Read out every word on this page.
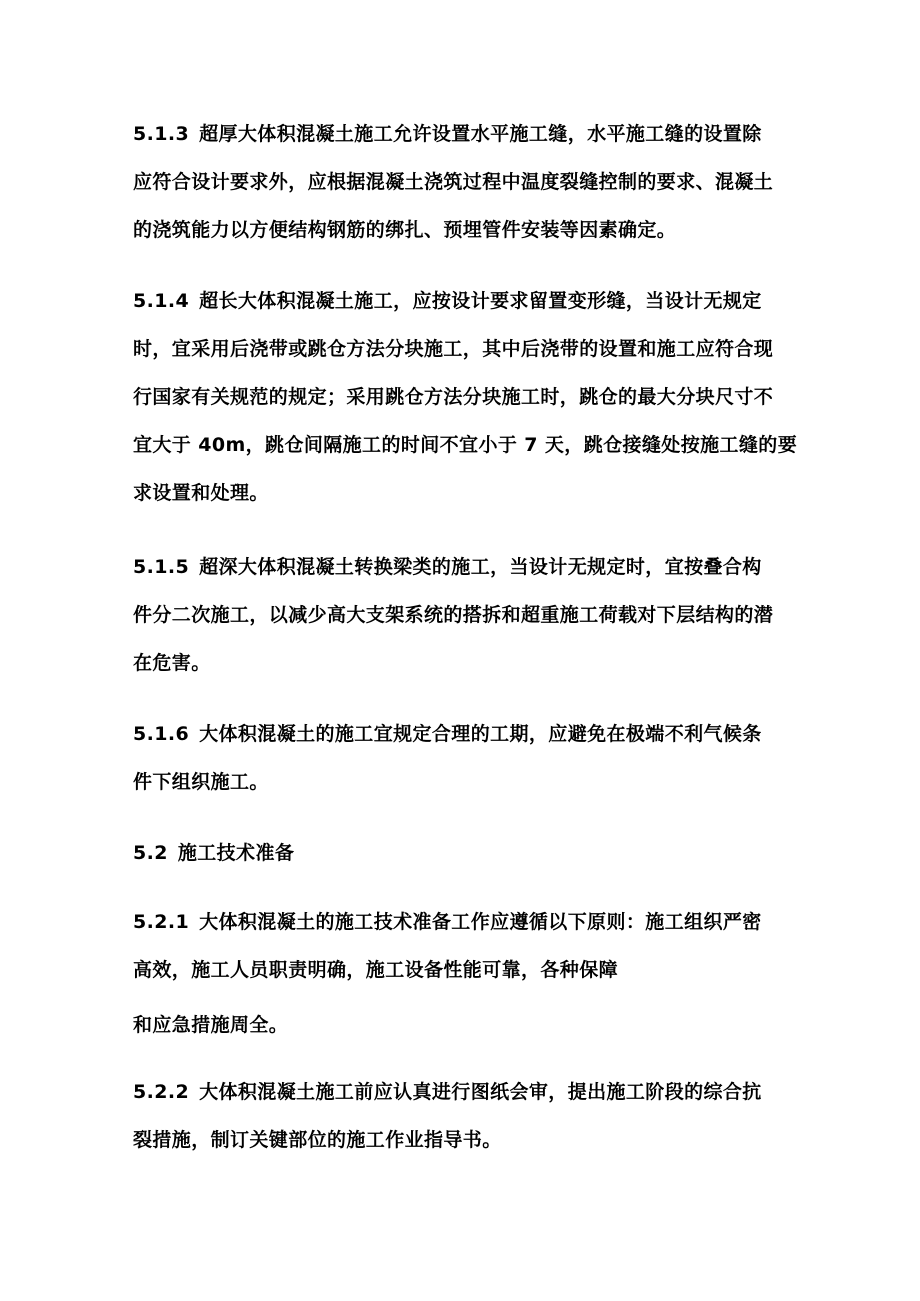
5.1.3 超厚大体积混凝土施工允许设置水平施工缝，水平施工缝的设置除
应符合设计要求外，应根据混凝土浇筑过程中温度裂缝控制的要求、混凝土
的浇筑能力以方便结构钢筋的绑扎、预埋管件安装等因素确定。

5.1.4 超长大体积混凝土施工，应按设计要求留置变形缝，当设计无规定
时，宜采用后浇带或跳仓方法分块施工，其中后浇带的设置和施工应符合现
行国家有关规范的规定；采用跳仓方法分块施工时，跳仓的最大分块尺寸不
宜大于 40m，跳仓间隔施工的时间不宜小于 7 天，跳仓接缝处按施工缝的要
求设置和处理。

5.1.5 超深大体积混凝土转换梁类的施工，当设计无规定时，宜按叠合构
件分二次施工，以减少高大支架系统的搭拆和超重施工荷载对下层结构的潜
在危害。

5.1.6 大体积混凝土的施工宜规定合理的工期，应避免在极端不利气候条
件下组织施工。

5.2 施工技术准备

5.2.1 大体积混凝土的施工技术准备工作应遵循以下原则：施工组织严密
高效，施工人员职责明确，施工设备性能可靠，各种保障

和应急措施周全。

5.2.2 大体积混凝土施工前应认真进行图纸会审，提出施工阶段的综合抗
裂措施，制订关键部位的施工作业指导书。
